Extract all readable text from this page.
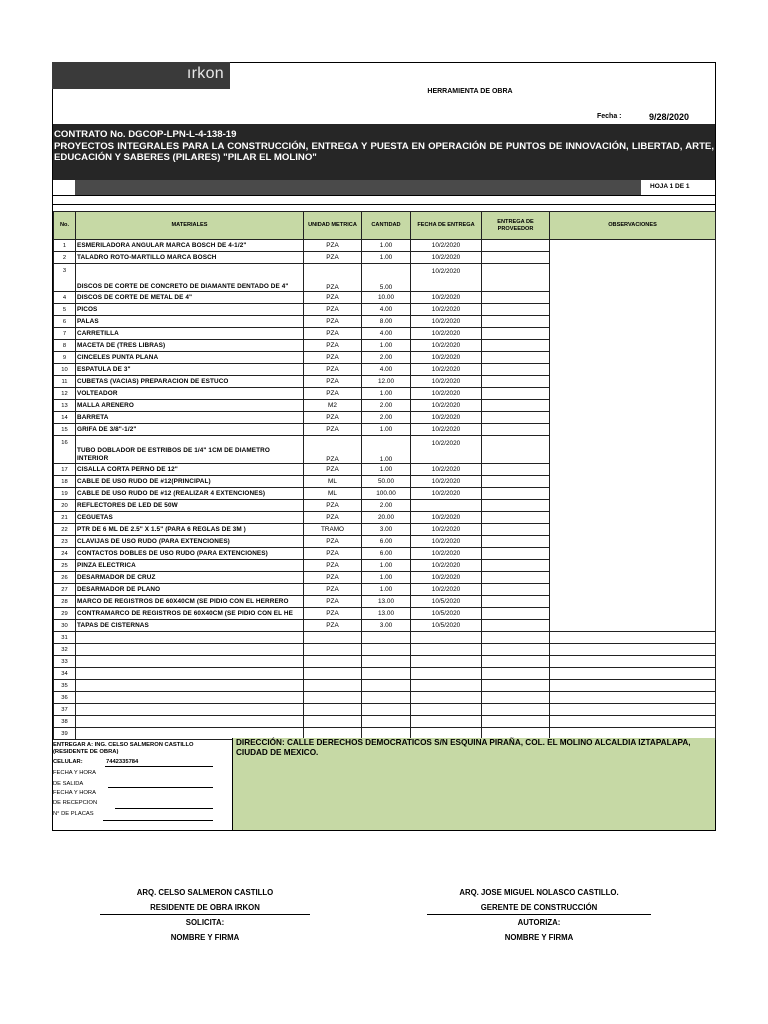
ırkon
HERRAMIENTA DE OBRA
Fecha :	9/28/2020
CONTRATO No. DGCOP-LPN-L-4-138-19
PROYECTOS INTEGRALES PARA LA CONSTRUCCIÓN, ENTREGA Y PUESTA EN OPERACIÓN DE PUNTOS DE INNOVACIÓN, LIBERTAD, ARTE,
EDUCACIÓN Y SABERES (PILARES) "PILAR EL MOLINO"
HOJA 1 DE 1
No.	MATERIALES	UNIDAD METRICA	CANTIDAD	FECHA DE ENTREGA	ENTREGA DE PROVEEDOR	OBSERVACIONES
1	ESMERILADORA ANGULAR MARCA BOSCH DE 4-1/2"	PZA	1.00	10/2/2020		
2	TALADRO ROTO-MARTILLO MARCA BOSCH	PZA	1.00	10/2/2020		
3	DISCOS DE CORTE DE CONCRETO DE DIAMANTE DENTADO DE 4"	PZA	5.00	10/2/2020		
4	DISCOS DE CORTE DE METAL DE 4"	PZA	10.00	10/2/2020		
5	PICOS	PZA	4.00	10/2/2020		
6	PALAS	PZA	8.00	10/2/2020		
7	CARRETILLA	PZA	4.00	10/2/2020		
8	MACETA DE (TRES LIBRAS)	PZA	1.00	10/2/2020		
9	CINCELES PUNTA PLANA	PZA	2.00	10/2/2020		
10	ESPATULA DE 3"	PZA	4.00	10/2/2020		
11	CUBETAS (VACIAS) PREPARACION DE ESTUCO	PZA	12.00	10/2/2020		
12	VOLTEADOR	PZA	1.00	10/2/2020		
13	MALLA ARENERO	M2	2.00	10/2/2020		
14	BARRETA	PZA	2.00	10/2/2020		
15	GRIFA DE 3/8"-1/2"	PZA	1.00	10/2/2020		
16	TUBO DOBLADOR DE ESTRIBOS DE 1/4" 1CM DE DIAMETRO INTERIOR	PZA	1.00	10/2/2020		
17	CISALLA CORTA PERNO DE 12"	PZA	1.00	10/2/2020		
18	CABLE DE USO RUDO DE #12(PRINCIPAL)	ML	50.00	10/2/2020		
19	CABLE DE USO RUDO DE #12 (REALIZAR 4 EXTENCIONES)	ML	100.00	10/2/2020		
20	REFLECTORES DE LED DE 50W	PZA	2.00			
21	CEGUETAS	PZA	20.00	10/2/2020		
22	PTR DE 6 ML DE 2.5" X 1.5" (PARA 6 REGLAS DE 3M )	TRAMO	3.00	10/2/2020		
23	CLAVIJAS DE USO RUDO (PARA EXTENCIONES)	PZA	6.00	10/2/2020		
24	CONTACTOS DOBLES DE USO RUDO (PARA EXTENCIONES)	PZA	6.00	10/2/2020		
25	PINZA ELECTRICA	PZA	1.00	10/2/2020		
26	DESARMADOR DE CRUZ	PZA	1.00	10/2/2020		
27	DESARMADOR DE PLANO	PZA	1.00	10/2/2020		
28	MARCO DE REGISTROS DE 60X40CM (SE PIDIO CON EL HERRERO	PZA	13.00	10/5/2020		
29	CONTRAMARCO DE REGISTROS DE 60X40CM (SE PIDIO CON EL HE	PZA	13.00	10/5/2020		
30	TAPAS DE CISTERNAS	PZA	3.00	10/5/2020		
31						
32						
33						
34						
35						
36						
37						
38						
39						
ENTREGAR A: ING. CELSO SALMERON CASTILLO (RESIDENTE DE OBRA)
CELULAR:	7442335784
FECHA Y HORA
DE SALIDA
FECHA Y HORA
DE RECEPCION
N° DE PLACAS
DIRECCIÓN: CALLE DERECHOS DEMOCRATICOS S/N ESQUINA PIRAÑA, COL. EL MOLINO ALCALDIA IZTAPALAPA, CIUDAD DE MEXICO.
ARQ. CELSO SALMERON CASTILLO
RESIDENTE DE OBRA IRKON
SOLICITA:
NOMBRE Y FIRMA
ARQ. JOSE MIGUEL NOLASCO CASTILLO.
GERENTE DE CONSTRUCCIÓN
AUTORIZA:
NOMBRE Y FIRMA
